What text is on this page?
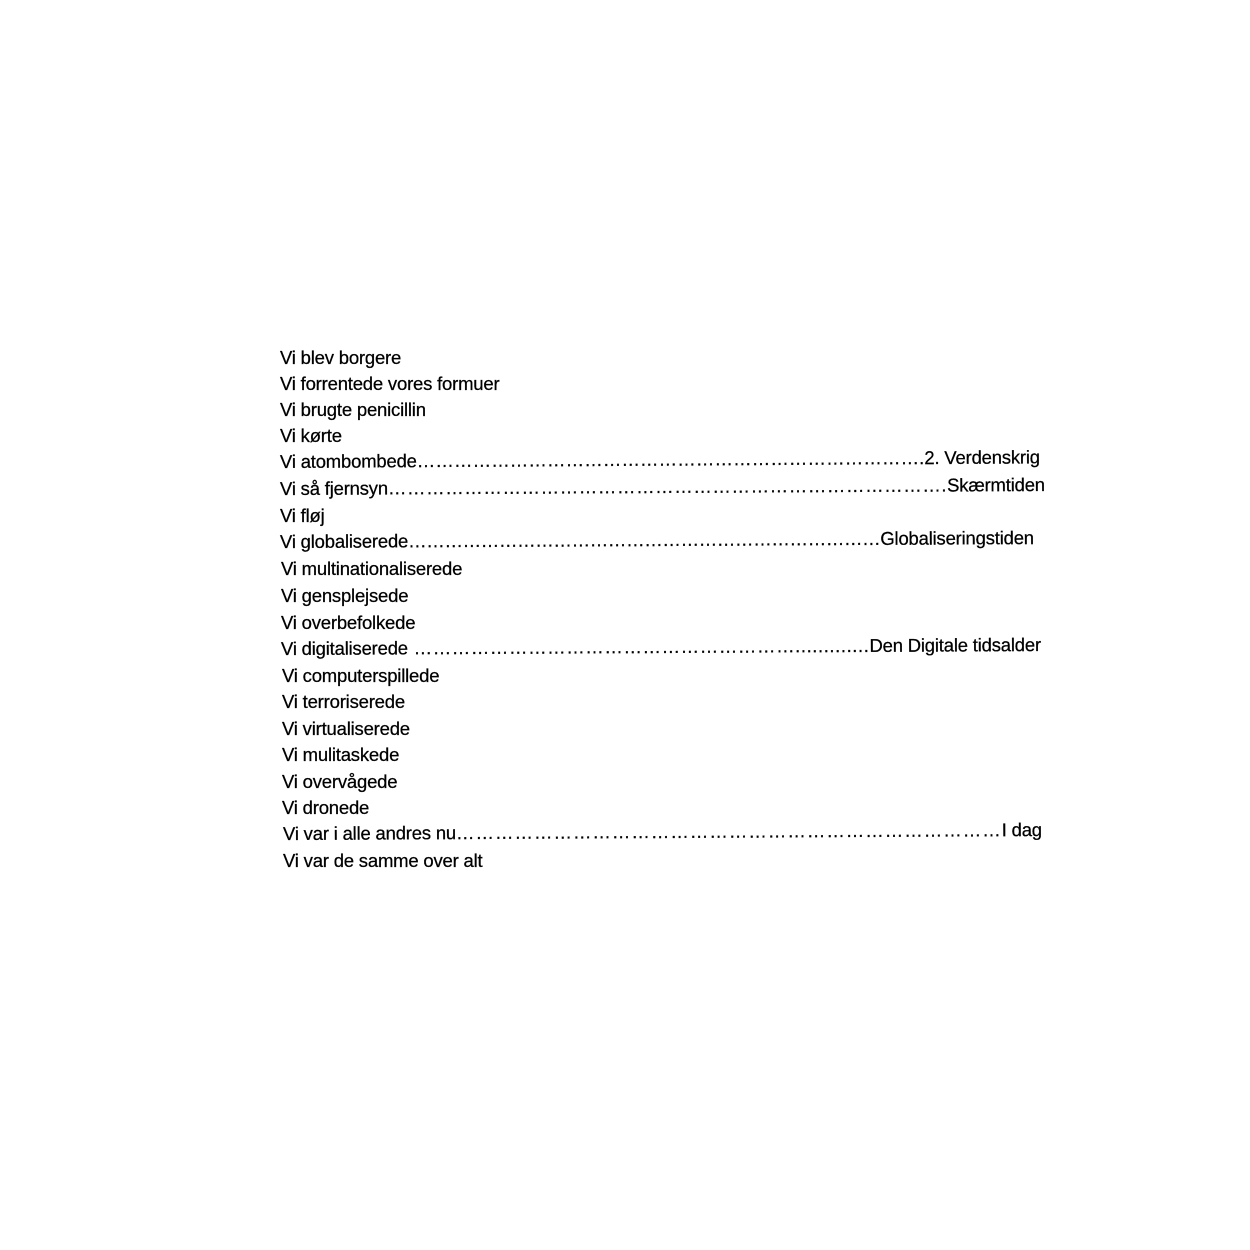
Vi blev borgere
Vi forrentede vores formuer
Vi brugte penicillin
Vi kørte
Vi atombombede……………………………………………………………………….2. Verdenskrig
Vi så fjernsyn…………………………………………………………………………….Skærmtiden
Vi fløj
Vi globaliserede……………………………………………………………………Globaliseringstiden
Vi multinationaliserede
Vi gensplejsede
Vi overbefolkede
Vi digitaliserede …………………………………………………….............Den Digitale tidsalder
Vi computerspillede
Vi terroriserede
Vi virtualiserede
Vi mulitaskede
Vi overvågede
Vi dronede
Vi var i alle andres nu…………………………………………………………………………I dag
Vi var de samme over alt
